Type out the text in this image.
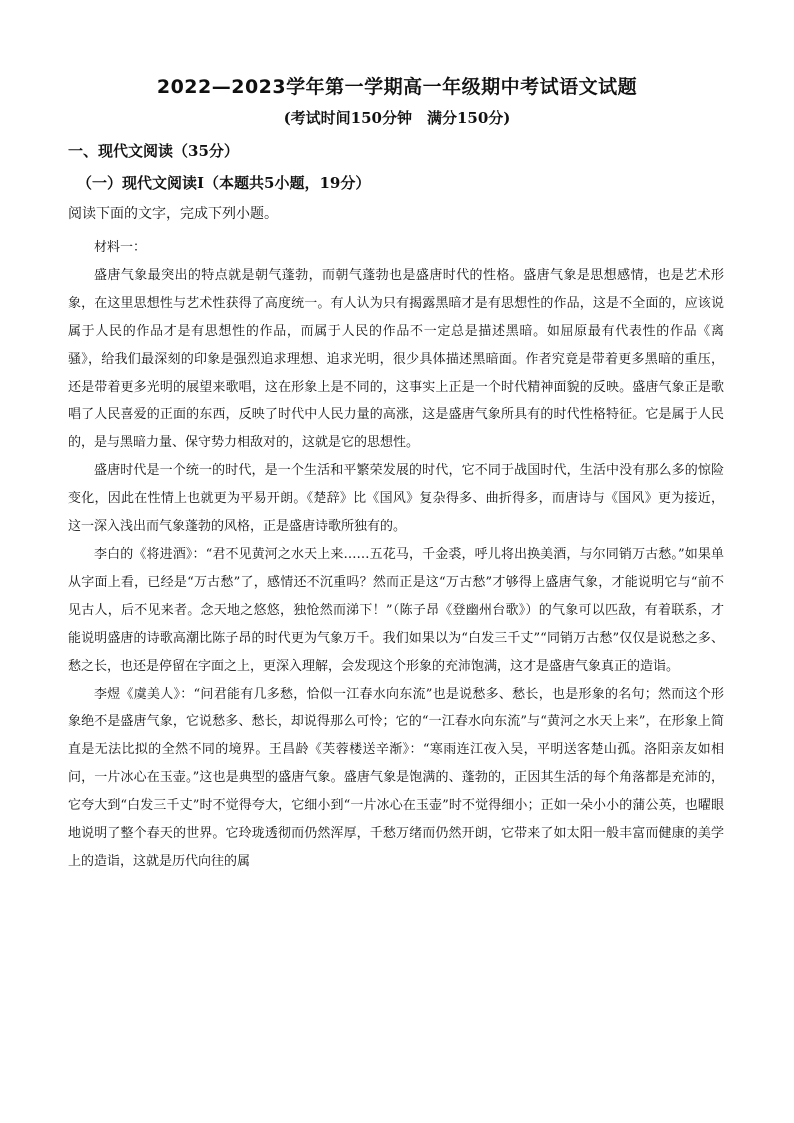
2022—2023学年第一学期高一年级期中考试语文试题
(考试时间150分钟　满分150分)
一、现代文阅读（35分）
（一）现代文阅读Ⅰ（本题共5小题，19分）
阅读下面的文字，完成下列小题。

材料一：

盛唐气象最突出的特点就是朝气蓬勃，而朝气蓬勃也是盛唐时代的性格。盛唐气象是思想感情，也是艺术形象，在这里思想性与艺术性获得了高度统一。有人认为只有揭露黑暗才是有思想性的作品，这是不全面的，应该说属于人民的作品才是有思想性的作品，而属于人民的作品不一定总是描述黑暗。如屈原最有代表性的作品《离骚》，给我们最深刻的印象是强烈追求理想、追求光明，很少具体描述黑暗面。作者究竟是带着更多黑暗的重压，还是带着更多光明的展望来歌唱，这在形象上是不同的，这事实上正是一个时代精神面貌的反映。盛唐气象正是歌唱了人民喜爱的正面的东西，反映了时代中人民力量的高涨，这是盛唐气象所具有的时代性格特征。它是属于人民的，是与黑暗力量、保守势力相敌对的，这就是它的思想性。

盛唐时代是一个统一的时代，是一个生活和平繁荣发展的时代，它不同于战国时代，生活中没有那么多的惊险变化，因此在性情上也就更为平易开朗。《楚辞》比《国风》复杂得多、曲折得多，而唐诗与《国风》更为接近，这一深入浅出而气象蓬勃的风格，正是盛唐诗歌所独有的。

李白的《将进酒》：“君不见黄河之水天上来……五花马，千金裘，呼儿将出换美酒，与尔同销万古愁。”如果单从字面上看，已经是“万古愁”了，感情还不沉重吗？然而正是这“万古愁”才够得上盛唐气象，才能说明它与“前不见古人，后不见来者。念天地之悠悠，独怆然而涕下！”（陈子昂《登幽州台歌》）的气象可以匹敌，有着联系，才能说明盛唐的诗歌高潮比陈子昂的时代更为气象万千。我们如果以为“白发三千丈”“同销万古愁”仅仅是说愁之多、愁之长，也还是停留在字面之上，更深入理解，会发现这个形象的充沛饱满，这才是盛唐气象真正的造诣。

李煜《虞美人》：“问君能有几多愁，恰似一江春水向东流”也是说愁多、愁长，也是形象的名句；然而这个形象绝不是盛唐气象，它说愁多、愁长，却说得那么可怜；它的“一江春水向东流”与“黄河之水天上来”，在形象上简直是无法比拟的全然不同的境界。王昌龄《芙蓉楼送辛渐》：“寒雨连江夜入吴，平明送客楚山孤。洛阳亲友如相问，一片冰心在玉壶。”这也是典型的盛唐气象。盛唐气象是饱满的、蓬勃的，正因其生活的每个角落都是充沛的，它夸大到“白发三千丈”时不觉得夸大，它细小到“一片冰心在玉壶”时不觉得细小；正如一朵小小的蒲公英，也曜眼地说明了整个春天的世界。它玲珑透彻而仍然浑厚，千愁万绪而仍然开朗，它带来了如太阳一般丰富而健康的美学上的造诣，这就是历代向往的属
